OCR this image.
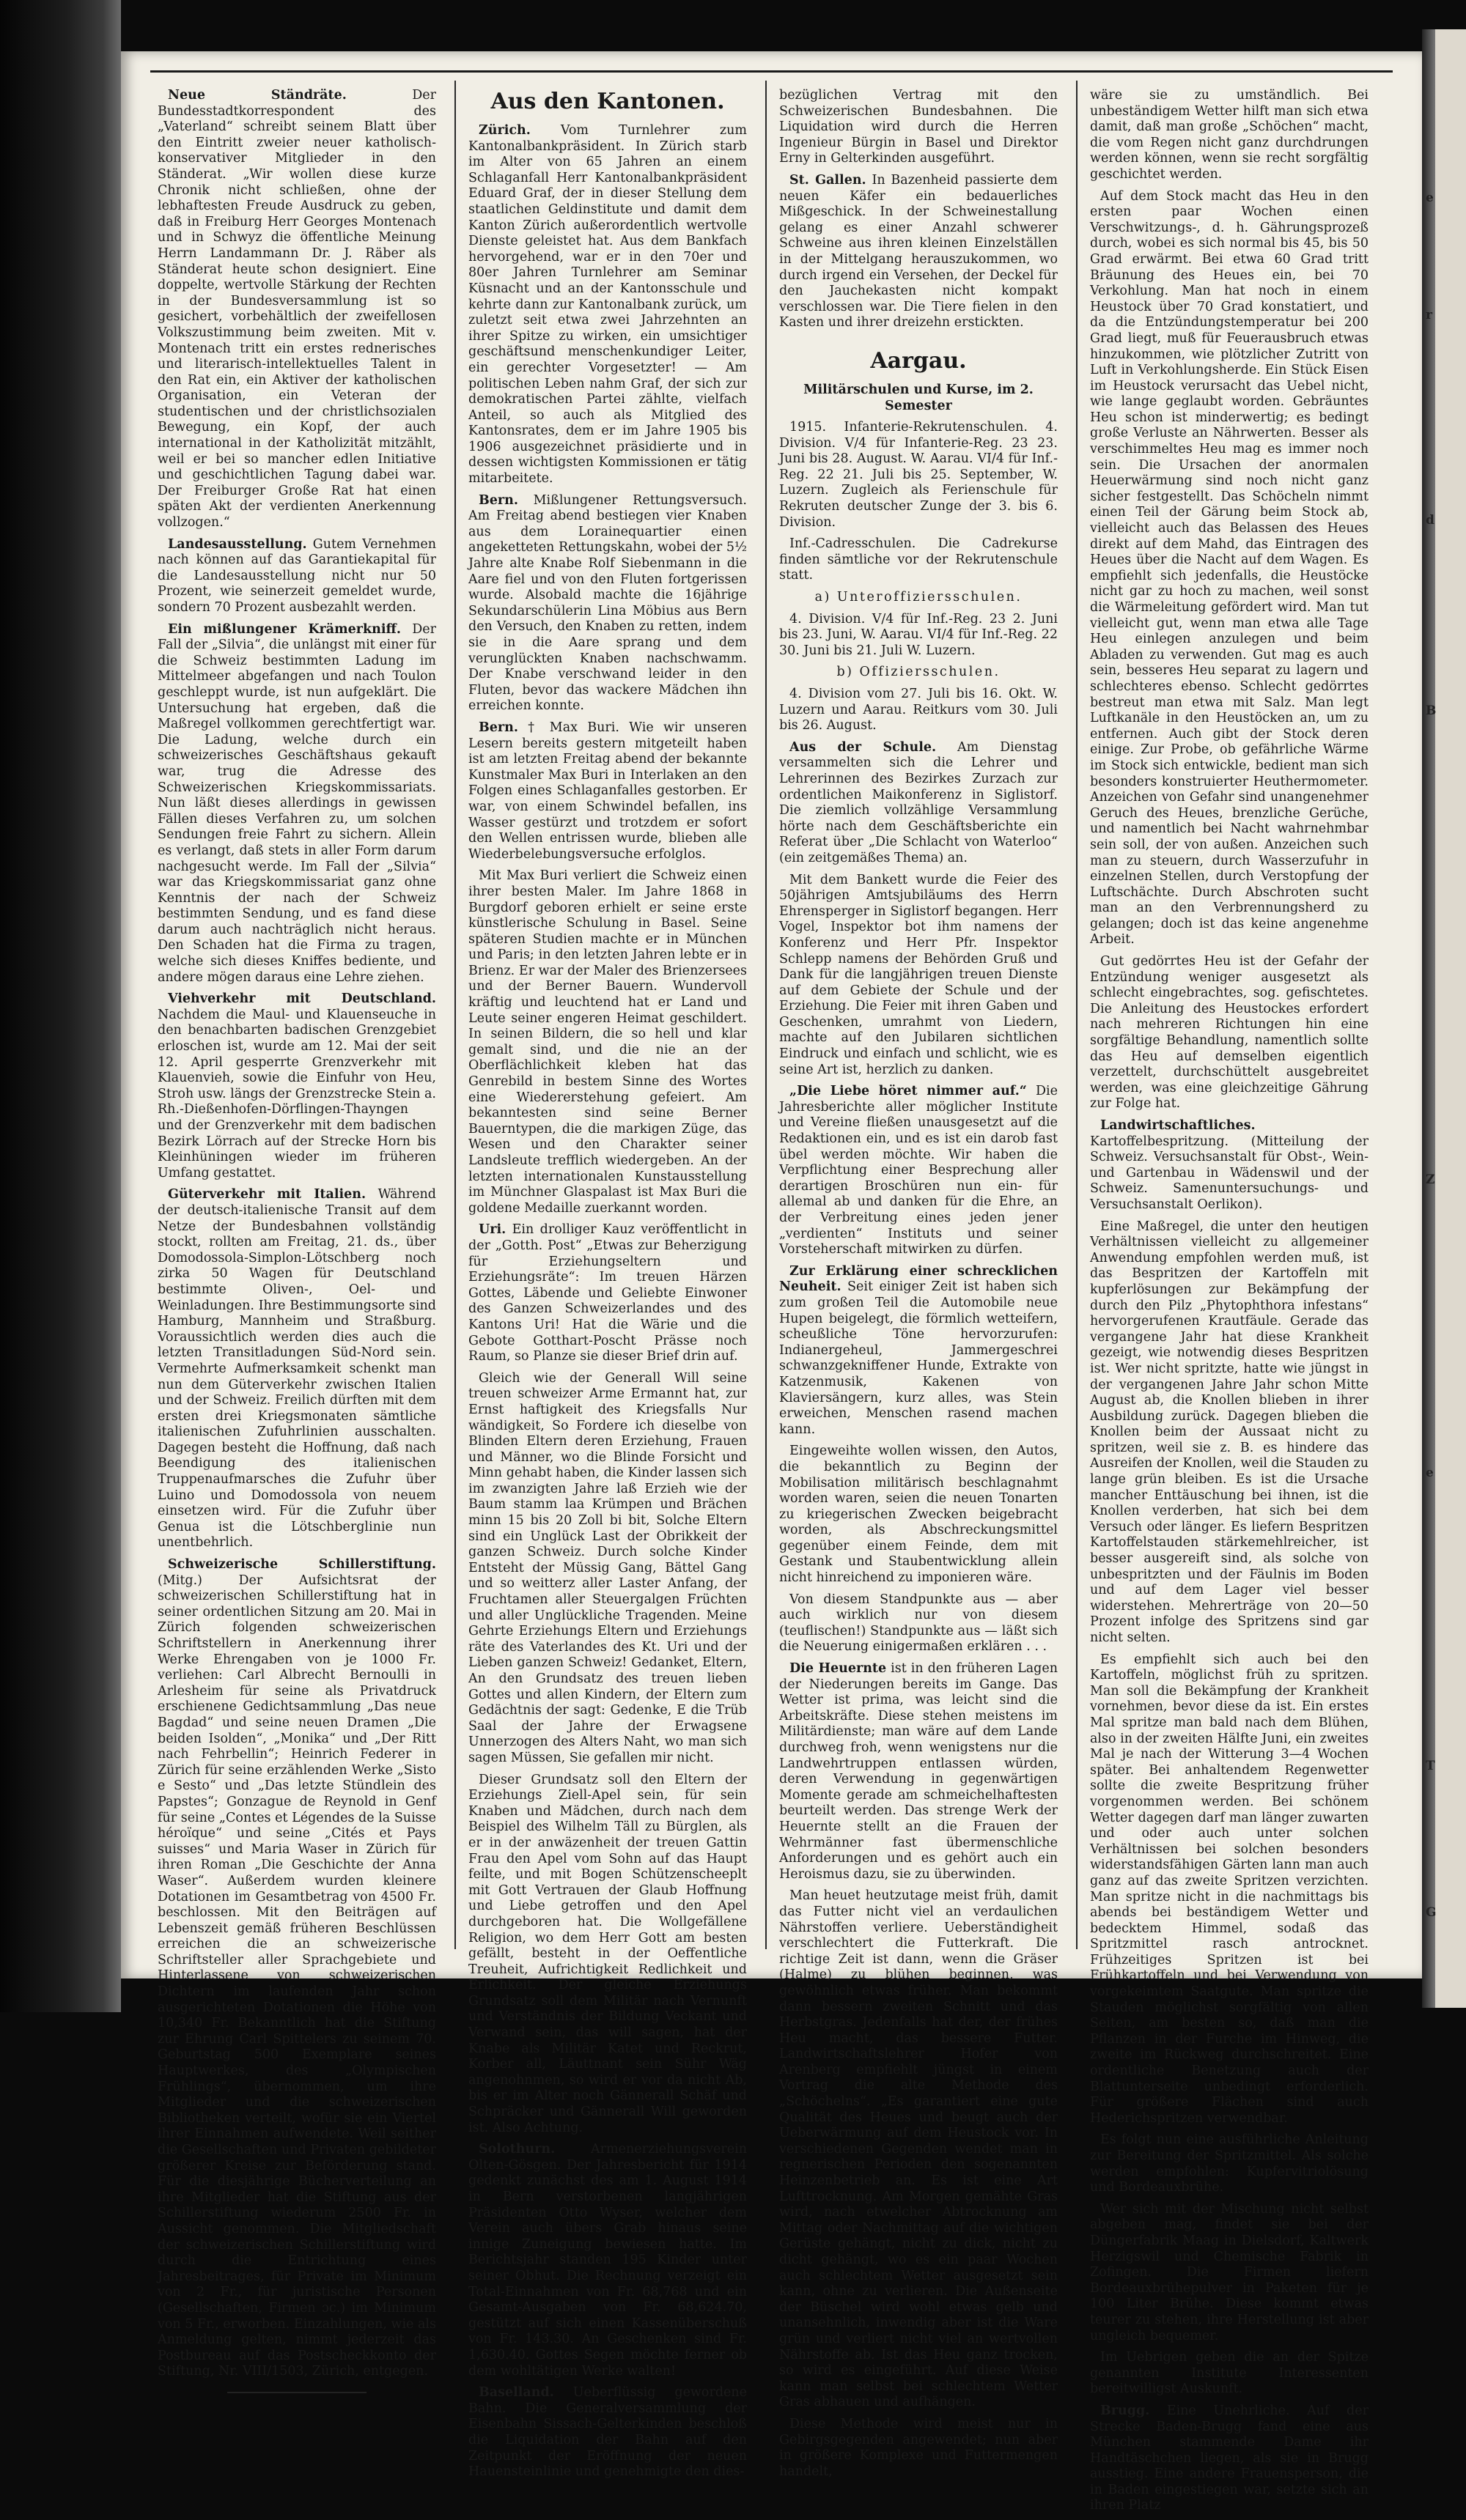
Neue Ständräte.	Der Bundesstadtkorrespondent des „Vaterland“ schreibt seinem Blatt über den Eintritt zweier neuer katholisch-konservativer Mitglieder in den Ständerat. „Wir wollen diese kurze Chronik nicht schließen, ohne der lebhaftesten Freude Ausdruck zu geben, daß in Freiburg Herr Georges Montenach und in Schwyz die öffentliche Meinung Herrn Landammann Dr. J. Räber als Ständerat heute schon designiert. Eine doppelte, wertvolle Stärkung der Rechten in der Bundesversammlung ist so gesichert, vorbehältlich der zweifellosen Volkszustimmung beim zweiten. Mit v. Montenach tritt ein erstes rednerisches und literarisch-intellektuelles Talent in den Rat ein, ein Aktiver der katholischen Organisation, ein Veteran der studentischen und der christlichsozialen Bewegung, ein Kopf, der auch international in der Katholizität mitzählt, weil er bei so mancher edlen Initiative und geschichtlichen Tagung dabei war. Der Freiburger Große Rat hat einen späten Akt der verdienten Anerkennung vollzogen.“

Landesausstellung. Gutem Vernehmen nach können auf das Garantiekapital für die Landesausstellung nicht nur 50 Prozent, wie seinerzeit gemeldet wurde, sondern 70 Prozent ausbezahlt werden.

Ein mißlungener Krämerkniff. Der Fall der „Silvia“, die unlängst mit einer für die Schweiz bestimmten Ladung im Mittelmeer abgefangen und nach Toulon geschleppt wurde, ist nun aufgeklärt. Die Untersuchung hat ergeben, daß die Maßregel vollkommen gerechtfertigt war. Die Ladung, welche durch ein schweizerisches Geschäftshaus gekauft war, trug die Adresse des Schweizerischen Kriegskommissariats. Nun läßt dieses allerdings in gewissen Fällen dieses Verfahren zu, um solchen Sendungen freie Fahrt zu sichern. Allein es verlangt, daß stets in aller Form darum nachgesucht werde. Im Fall der „Silvia“ war das Kriegskommissariat ganz ohne Kenntnis der nach der Schweiz bestimmten Sendung, und es fand diese darum auch nachträglich nicht heraus. Den Schaden hat die Firma zu tragen, welche sich dieses Kniffes bediente, und andere mögen daraus eine Lehre ziehen.

Viehverkehr mit Deutschland. Nachdem die Maul- und Klauenseuche in den benachbarten badischen Grenzgebiet erloschen ist, wurde am 12. Mai der seit 12. April gesperrte Grenzverkehr mit Klauenvieh, sowie die Einfuhr von Heu, Stroh usw. längs der Grenzstrecke Stein a. Rh.-Dießenhofen-Dörflingen-Thayngen und der Grenzverkehr mit dem badischen Bezirk Lörrach auf der Strecke Horn bis Kleinhüningen wieder im früheren Umfang gestattet.

Güterverkehr mit Italien. Während der deutsch-italienische Transit auf dem Netze der Bundesbahnen vollständig stockt, rollten am Freitag, 21. ds., über Domodossola-Simplon-Lötschberg noch zirka 50 Wagen für Deutschland bestimmte Oliven-, Oel- und Weinladungen. Ihre Bestimmungsorte sind Hamburg, Mannheim und Straßburg. Voraussichtlich werden dies auch die letzten Transitladungen Süd-Nord sein. Vermehrte Aufmerksamkeit schenkt man nun dem Güterverkehr zwischen Italien und der Schweiz. Freilich dürften mit dem ersten drei Kriegsmonaten sämtliche italienischen Zufuhrlinien ausschalten. Dagegen besteht die Hoffnung, daß nach Beendigung des italienischen Truppenaufmarsches die Zufuhr über Luino und Domodossola von neuem einsetzen wird. Für die Zufuhr über Genua ist die Lötschberglinie nun unentbehrlich.

Schweizerische Schillerstiftung. (Mitg.) Der Aufsichtsrat der schweizerischen Schillerstiftung hat in seiner ordentlichen Sitzung am 20. Mai in Zürich folgenden schweizerischen Schriftstellern in Anerkennung ihrer Werke Ehrengaben von je 1000 Fr. verliehen: Carl Albrecht Bernoulli in Arlesheim für seine als Privatdruck erschienene Gedichtsammlung „Das neue Bagdad“ und seine neuen Dramen „Die beiden Isolden“, „Monika“ und „Der Ritt nach Fehrbellin“; Heinrich Federer in Zürich für seine erzählenden Werke „Sisto e Sesto“ und „Das letzte Stündlein des Papstes“; Gonzague de Reynold in Genf für seine „Contes et Légendes de la Suisse héroïque“ und seine „Cités et Pays suisses“ und Maria Waser in Zürich für ihren Roman „Die Geschichte der Anna Waser“. Außerdem wurden kleinere Dotationen im Gesamtbetrag von 4500 Fr. beschlossen. Mit den Beiträgen auf Lebenszeit gemäß früheren Beschlüssen erreichen die an schweizerische Schriftsteller aller Sprachgebiete und Hinterlassene von schweizerischen Dichtern im laufenden Jahr schon ausgerichteten Dotationen die Höhe von 10,340 Fr. Bekanntlich hat die Stiftung zur Ehrung Carl Spittelers zu seinem 70. Geburtstag 500 Exemplare seines Hauptwerkes, des „Olympischen Frühlings“, übernommen, um ihre Mitglieder und die schweizerischen Bibliotheken verteilt, wofür sie ein Viertel ihrer Einnahmen aufwendete. Weil seither die Gesellschaften und Privaten gebildeter größerer Kreise zur Beförderung stand. Für die diesjährige Bücherverteilung an ihre Mitglieder hat die Stiftung aus der Schillerstiftung wiederum 2500 Fr. in Aussicht genommen. Die Mitgliedschaft der schweizerischen Schillerstiftung wird durch die Entrichtung eines Jahresbeitrages, für Private im Minimum von 2 Fr., für juristische Personen (Gesellschaften, Firmen ɔc.) im Minimum von 5 Fr., erworben. Einzahlungen, wie als Anmeldung gelten, nimmt jederzeit das Postbureau auf das Postscheckkonto der Stiftung, Nr. VIII/1503, Zürich, entgegen.

Aus den Kantonen.

Zürich. Vom Turnlehrer zum Kantonalbankpräsident. In Zürich starb im Alter von 65 Jahren an einem Schlaganfall Herr Kantonalbankpräsident Eduard Graf, der in dieser Stellung dem staatlichen Geldinstitute und damit dem Kanton Zürich außerordentlich wertvolle Dienste geleistet hat. Aus dem Bankfach hervorgehend, war er in den 70er und 80er Jahren Turnlehrer am Seminar Küsnacht und an der Kantonsschule und kehrte dann zur Kantonalbank zurück, um zuletzt seit etwa zwei Jahrzehnten an ihrer Spitze zu wirken, ein umsichtiger geschäftsund menschenkundiger Leiter, ein gerechter Vorgesetzter! — Am politischen Leben nahm Graf, der sich zur demokratischen Partei zählte, vielfach Anteil, so auch als Mitglied des Kantonsrates, dem er im Jahre 1905 bis 1906 ausgezeichnet präsidierte und in dessen wichtigsten Kommissionen er tätig mitarbeitete.

Bern. Mißlungener Rettungsversuch. Am Freitag abend bestiegen vier Knaben aus dem Lorainequartier einen angeketteten Rettungskahn, wobei der 5½ Jahre alte Knabe Rolf Siebenmann in die Aare fiel und von den Fluten fortgerissen wurde. Alsobald machte die 16jährige Sekundarschülerin Lina Möbius aus Bern den Versuch, den Knaben zu retten, indem sie in die Aare sprang und dem verunglückten Knaben nachschwamm. Der Knabe verschwand leider in den Fluten, bevor das wackere Mädchen ihn erreichen konnte.

Bern. † Max Buri. Wie wir unseren Lesern bereits gestern mitgeteilt haben ist am letzten Freitag abend der bekannte Kunstmaler Max Buri in Interlaken an den Folgen eines Schlaganfalles gestorben. Er war, von einem Schwindel befallen, ins Wasser gestürzt und trotzdem er sofort den Wellen entrissen wurde, blieben alle Wiederbelebungsversuche erfolglos.

Mit Max Buri verliert die Schweiz einen ihrer besten Maler. Im Jahre 1868 in Burgdorf geboren erhielt er seine erste künstlerische Schulung in Basel. Seine späteren Studien machte er in München und Paris; in den letzten Jahren lebte er in Brienz. Er war der Maler des Brienzersees und der Berner Bauern. Wundervoll kräftig und leuchtend hat er Land und Leute seiner engeren Heimat geschildert. In seinen Bildern, die so hell und klar gemalt sind, und die nie an der Oberflächlichkeit kleben hat das Genrebild in bestem Sinne des Wortes eine Wiedererstehung gefeiert. Am bekanntesten sind seine Berner Bauerntypen, die die markigen Züge, das Wesen und den Charakter seiner Landsleute trefflich wiedergeben. An der letzten internationalen Kunstausstellung im Münchner Glaspalast ist Max Buri die goldene Medaille zuerkannt worden.

Uri. Ein drolliger Kauz veröffentlicht in der „Gotth. Post“ „Etwas zur Beherzigung für Erziehungseltern und Erziehungsräte“: Im treuen Härzen Gottes, Läbende und Geliebte Einwoner des Ganzen Schweizerlandes und des Kantons Uri! Hat die Wärie und die Gebote Gotthart-Poscht Prässe noch Raum, so Planze sie dieser Brief drin auf.

Gleich wie der Generall Will seine treuen schweizer Arme Ermannt hat, zur Ernst haftigkeit des Kriegsfalls Nur wändigkeit, So Fordere ich dieselbe von Blinden Eltern deren Erziehung, Frauen und Männer, wo die Blinde Forsicht und Minn gehabt haben, die Kinder lassen sich im zwanzigten Jahre laß Erzieh wie der Baum stamm laa Krümpen und Brächen minn 15 bis 20 Zoll bi bit, Solche Eltern sind ein Unglück Last der Obrikkeit der ganzen Schweiz. Durch solche Kinder Entsteht der Müssig Gang, Bättel Gang und so weitterz aller Laster Anfang, der Fruchtamen aller Steuergalgen Früchten und aller Unglückliche Tragenden. Meine Gehrte Erziehungs Eltern und Erziehungs räte des Vaterlandes des Kt. Uri und der Lieben ganzen Schweiz! Gedanket, Eltern, An den Grundsatz des treuen lieben Gottes und allen Kindern, der Eltern zum Gedächtnis der sagt: Gedenke, E die Trüb Saal der Jahre der Erwagsene Unnerzogen des Alters Naht, wo man sich sagen Müssen, Sie gefallen mir nicht.

Dieser Grundsatz soll den Eltern der Erziehungs Ziell-Apel sein, für sein Knaben und Mädchen, durch nach dem Beispiel des Wilhelm Täll zu Bürglen, als er in der anwäzenheit der treuen Gattin Frau den Apel vom Sohn auf das Haupt feilte, und mit Bogen Schützenscheeplt mit Gott Vertrauen der Glaub Hoffnung und Liebe getroffen und den Apel durchgeboren hat. Die Wollgefällene Religion, wo dem Herr Gott am besten gefällt, besteht in der Oeffentliche Treuheit, Aufrichtigkeit Redlichkeit und Erlichkeit. Der gleiche Erziehungs Grundsatz soll dem Militär nach Vernunft und Verständnis der Bildung Veckant und Verwand sein, das will sagen, hat der Knabe als Militär Katet und Reckrut, Korber all, Läuttnant sein Sühr Wäg angenohnmen, so wird er vor da nicht Ab, bis er im Alter noch Gännerall Schäf und Schpräcker und Gännerall Will geworden ist. Also Achtung.

Solothurn.	Armenerziehungsverein Olten-Gösgen. Der Jahresbericht für 1914 gedenkt zunächst des am 1. August 1914 in Bern verstorbenen langjährigen Präsidenten Otto Wyser, welcher dem Verein auch übers Grab hinaus seine innige Zuneigung bewiesen hatte. Im Berichtsjahr standen 195 Kinder unter seiner Obhut. Die Rechnung verzeigt ein Total-Einnahmen von Fr. 68,768 und ein Gesamt-Ausgaben von Fr. 68,624.70, gestützt auf sich einen Kassenüberschuß von Fr. 143.30. An Geschenken sind Fr. 1,630.40. Gottes Segen möchte ferner ob dem wohltätigen Werke walten!

Baselland. Ueberflüssig gewordene Bahn. Die Generalversammlung der Eisenbahn Sissach-Gelterkinden beschloß die Liquidation der Bahn auf den Zeitpunkt der Eröffnung der neuen Hauensteinlinie und genehmigte den dies-

bezüglichen Vertrag mit den Schweizerischen Bundesbahnen. Die Liquidation wird durch die Herren Ingenieur Bürgin in Basel und Direktor Erny in Gelterkinden ausgeführt.

St. Gallen. In Bazenheid passierte dem neuen Käfer ein bedauerliches Mißgeschick. In der Schweinestallung gelang es einer Anzahl schwerer Schweine aus ihren kleinen Einzelställen in der Mittelgang herauszukommen, wo durch irgend ein Versehen, der Deckel für den Jauchekasten nicht kompakt verschlossen war. Die Tiere fielen in den Kasten und ihrer dreizehn erstickten.

Aargau.

Militärschulen und Kurse, im 2. Semester

1915. Infanterie-Rekrutenschulen. 4. Division. V/4 für Infanterie-Reg. 23 23. Juni bis 28. August. W. Aarau. VI/4 für Inf.-Reg. 22 21. Juli bis 25. September, W. Luzern. Zugleich als Ferienschule für Rekruten deutscher Zunge der 3. bis 6. Division.

Inf.-Cadresschulen. Die Cadrekurse finden sämtliche vor der Rekrutenschule statt.

a) Unteroffiziersschulen.

4. Division. V/4 für Inf.-Reg. 23 2. Juni bis 23. Juni, W. Aarau. VI/4 für Inf.-Reg. 22 30. Juni bis 21. Juli W. Luzern.

b) Offiziersschulen.

4. Division vom 27. Juli bis 16. Okt. W. Luzern und Aarau. Reitkurs vom 30. Juli bis 26. August.

Aus der Schule. Am Dienstag versammelten sich die Lehrer und Lehrerinnen des Bezirkes Zurzach zur ordentlichen Maikonferenz in Siglistorf. Die ziemlich vollzählige Versammlung hörte nach dem Geschäftsberichte ein Referat über „Die Schlacht von Waterloo“ (ein zeitgemäßes Thema) an.

Mit dem Bankett wurde die Feier des 50jährigen Amtsjubiläums des Herrn Ehrensperger in Siglistorf begangen. Herr Vogel, Inspektor bot ihm namens der Konferenz und Herr Pfr. Inspektor Schlepp namens der Behörden Gruß und Dank für die langjährigen treuen Dienste auf dem Gebiete der Schule und der Erziehung. Die Feier mit ihren Gaben und Geschenken, umrahmt von Liedern, machte auf den Jubilaren sichtlichen Eindruck und einfach und schlicht, wie es seine Art ist, herzlich zu danken.

„Die Liebe höret nimmer auf.“ Die Jahresberichte aller möglicher Institute und Vereine fließen unausgesetzt auf die Redaktionen ein, und es ist ein darob fast übel werden möchte. Wir haben die Verpflichtung einer Besprechung aller derartigen Broschüren nun ein- für allemal ab und danken für die Ehre, an der Verbreitung eines jeden jener „verdienten“ Instituts und seiner Vorsteherschaft mitwirken zu dürfen.

Zur Erklärung einer schrecklichen Neuheit. Seit einiger Zeit ist haben sich zum großen Teil die Automobile neue Hupen beigelegt, die förmlich wetteifern, scheußliche Töne hervorzurufen: Indianergeheul, Jammergeschrei schwanzgekniffener Hunde, Extrakte von Katzenmusik, Kakenen von Klaviersängern, kurz alles, was Stein erweichen, Menschen rasend machen kann.

Eingeweihte wollen wissen, den Autos, die bekanntlich zu Beginn der Mobilisation militärisch beschlagnahmt worden waren, seien die neuen Tonarten zu kriegerischen Zwecken beigebracht worden, als Abschreckungsmittel gegenüber einem Feinde, dem mit Gestank und Staubentwicklung allein nicht hinreichend zu imponieren wäre.

Von diesem Standpunkte aus — aber auch wirklich nur von diesem (teuflischen!) Standpunkte aus — läßt sich die Neuerung einigermaßen erklären . . .

Die Heuernte ist in den früheren Lagen der Niederungen bereits im Gange. Das Wetter ist prima, was leicht sind die Arbeitskräfte. Diese stehen meistens im Militärdienste; man wäre auf dem Lande durchweg froh, wenn wenigstens nur die Landwehrtruppen entlassen würden, deren Verwendung in gegenwärtigen Momente gerade am schmeichelhaftesten beurteilt werden. Das strenge Werk der Heuernte stellt an die Frauen der Wehrmänner fast übermenschliche Anforderungen und es gehört auch ein Heroismus dazu, sie zu überwinden.

Man heuet heutzutage meist früh, damit das Futter nicht viel an verdaulichen Nährstoffen verliere. Ueberständigheit verschlechtert die Futterkraft. Die richtige Zeit ist dann, wenn die Gräser (Halme) zu blühen beginnen, was gewöhnlich etwas früher. Man bekommt dann bessern zweiten Schnitt und das Herbstgras. Jedenfalls hat der, der frühes Heu macht, das bessere Futter. Landwirtschaftslehrer Hofer von Arenberg empfiehlt jüngst in einem Vortrag die alte Methode des „Schöchelns“. „Es garantiert eine gute Qualität des Heues und beugt auch der Ueberwärmung auf dem Heustock vor. In verschiedenen Gegenden wendet man in regnerischen Perioden den sogenannten Heinzenbetrieb an. Es ist eine Art Lufttrocknung. Am Morgen gemähte Gras wird, nach etwelcher Abtrocknung am Mittag oder Nachmittag auf die wichtigen Gerüste gehängt, nicht zu dick, nicht zu dicht gehängt, wo es ein paar Wochen auch schlechtem Wetter ausgesetzt sein kann, ohne zu verlieren. Die Außenseite der Büschel wird wohl etwas gelb und unansehnlich, inwendig aber ist die Ware grün und verliert nicht viel an wertvollen Nährstoffe ab. Ist das Heu ganz trocken, so wird es eingeführt. Auf diese Weise kann man selbst bei schlechtem Wetter Gras abhauen und aufhängen.

Diese Methode wird meist nur in Gebirgsgegenden angewendet; nun aber in größere Komplexe und Futtermengen handelt,

wäre sie zu umständlich. Bei unbeständigem Wetter hilft man sich etwa damit, daß man große „Schöchen“ macht, die vom Regen nicht ganz durchdrungen werden können, wenn sie recht sorgfältig geschichtet werden.

Auf dem Stock macht das Heu in den ersten paar Wochen einen Verschwitzungs-, d. h. Gährungsprozeß durch, wobei es sich normal bis 45, bis 50 Grad erwärmt. Bei etwa 60 Grad tritt Bräunung des Heues ein, bei 70 Verkohlung. Man hat noch in einem Heustock über 70 Grad konstatiert, und da die Entzündungstemperatur bei 200 Grad liegt, muß für Feuerausbruch etwas hinzukommen, wie plötzlicher Zutritt von Luft in Verkohlungsherde. Ein Stück Eisen im Heustock verursacht das Uebel nicht, wie lange geglaubt worden. Gebräuntes Heu schon ist minderwertig; es bedingt große Verluste an Nährwerten. Besser als verschimmeltes Heu mag es immer noch sein. Die Ursachen der anormalen Heuerwärmung sind noch nicht ganz sicher festgestellt. Das Schöcheln nimmt einen Teil der Gärung beim Stock ab, vielleicht auch das Belassen des Heues direkt auf dem Mahd, das Eintragen des Heues über die Nacht auf dem Wagen. Es empfiehlt sich jedenfalls, die Heustöcke nicht gar zu hoch zu machen, weil sonst die Wärmeleitung gefördert wird. Man tut vielleicht gut, wenn man etwa alle Tage Heu einlegen anzulegen und beim Abladen zu verwenden. Gut mag es auch sein, besseres Heu separat zu lagern und schlechteres ebenso. Schlecht gedörrtes bestreut man etwa mit Salz. Man legt Luftkanäle in den Heustöcken an, um zu entfernen. Auch gibt der Stock deren einige. Zur Probe, ob gefährliche Wärme im Stock sich entwickle, bedient man sich besonders konstruierter Heuthermometer. Anzeichen von Gefahr sind unangenehmer Geruch des Heues, brenzliche Gerüche, und namentlich bei Nacht wahrnehmbar sein soll, der von außen. Anzeichen such man zu steuern, durch Wasserzufuhr in einzelnen Stellen, durch Verstopfung der Luftschächte. Durch Abschroten sucht man an den Verbrennungsherd zu gelangen; doch ist das keine angenehme Arbeit.

Gut gedörrtes Heu ist der Gefahr der Entzündung weniger ausgesetzt als schlecht eingebrachtes, sog. gefischtetes. Die Anleitung des Heustockes erfordert nach mehreren Richtungen hin eine sorgfältige Behandlung, namentlich sollte das Heu auf demselben eigentlich verzettelt, durchschüttelt ausgebreitet werden, was eine gleichzeitige Gährung zur Folge hat.

Landwirtschaftliches. Kartoffelbespritzung. (Mitteilung der Schweiz. Versuchsanstalt für Obst-, Wein- und Gartenbau in Wädenswil und der Schweiz. Samenuntersuchungs- und Versuchsanstalt Oerlikon).

Eine Maßregel, die unter den heutigen Verhältnissen vielleicht zu allgemeiner Anwendung empfohlen werden muß, ist das Bespritzen der Kartoffeln mit kupferlösungen zur Bekämpfung der durch den Pilz „Phytophthora infestans“ hervorgerufenen Krautfäule. Gerade das vergangene Jahr hat diese Krankheit gezeigt, wie notwendig dieses Bespritzen ist. Wer nicht spritzte, hatte wie jüngst in der vergangenen Jahre Jahr schon Mitte August ab, die Knollen blieben in ihrer Ausbildung zurück. Dagegen blieben die Knollen beim der Aussaat nicht zu spritzen, weil sie z. B. es hindere das Ausreifen der Knollen, weil die Stauden zu lange grün bleiben. Es ist die Ursache mancher Enttäuschung bei ihnen, ist die Knollen verderben, hat sich bei dem Versuch oder länger. Es liefern Bespritzen Kartoffelstauden stärkemehlreicher, ist besser ausgereift sind, als solche von unbespritzten und der Fäulnis im Boden und auf dem Lager viel besser widerstehen. Mehrerträge von 20—50 Prozent infolge des Spritzens sind gar nicht selten.

Es empfiehlt sich auch bei den Kartoffeln, möglichst früh zu spritzen. Man soll die Bekämpfung der Krankheit vornehmen, bevor diese da ist. Ein erstes Mal spritze man bald nach dem Blühen, also in der zweiten Hälfte Juni, ein zweites Mal je nach der Witterung 3—4 Wochen später. Bei anhaltendem Regenwetter sollte die zweite Bespritzung früher vorgenommen werden. Bei schönem Wetter dagegen darf man länger zuwarten und oder auch unter solchen Verhältnissen bei solchen besonders widerstandsfähigen Gärten lann man auch ganz auf das zweite Spritzen verzichten. Man spritze nicht in die nachmittags bis abends bei beständigem Wetter und bedecktem Himmel, sodaß das Spritzmittel rasch antrocknet. Frühzeitiges Spritzen ist bei Frühkartoffeln und bei Verwendung von vorgekeimtem Saatgute. Man spritze die Stauden möglichst sorgfältig von allen Seiten, am besten so, daß man die Pflanzen in der Furche im Hinweg, die zweite im Rückweg durchschreitet. Eine ordentliche Benetzung auch der Blattunterseite unbedingt erforderlich. Für größere Flächen sind auch Hederichspritzen verwendbar.

Es folgt nun eine ausführliche Anleitung zur Bereitung der Spritzmittel. Als solche werden empfohlen: Kupfervitriolösung und Bordeauxbrühe.

Wer sich mit der Mischung nicht selbst abgeben mag, findet sie bei der Düngerfabrik Maag in Dielsdorf, Kaltwerk Herzigswil und Chemische Fabrik in Zofingen. Die Firmen liefern Bordeauxbrühepulver in Paketen für je 100 Liter Brühe. Diese kommt etwas teurer zu stehen, ihre Herstellung ist aber ungleich bequemer.

Im Uebrigen geben die an der Spitze genannten Institute Interessenten bereitwilligst Auskunft.

Brugg. Eine Unehrliche. Auf der Strecke Baden-Brugg fand eine aus München stammende Dame ihr Handtäschchen liegen, als sie in Brugg ausstieg. Eine andere Frauensperson, die in Baden eingestiegen war, setzte sich an ihren Platz

e
r
d
B
Z
e
T
G
